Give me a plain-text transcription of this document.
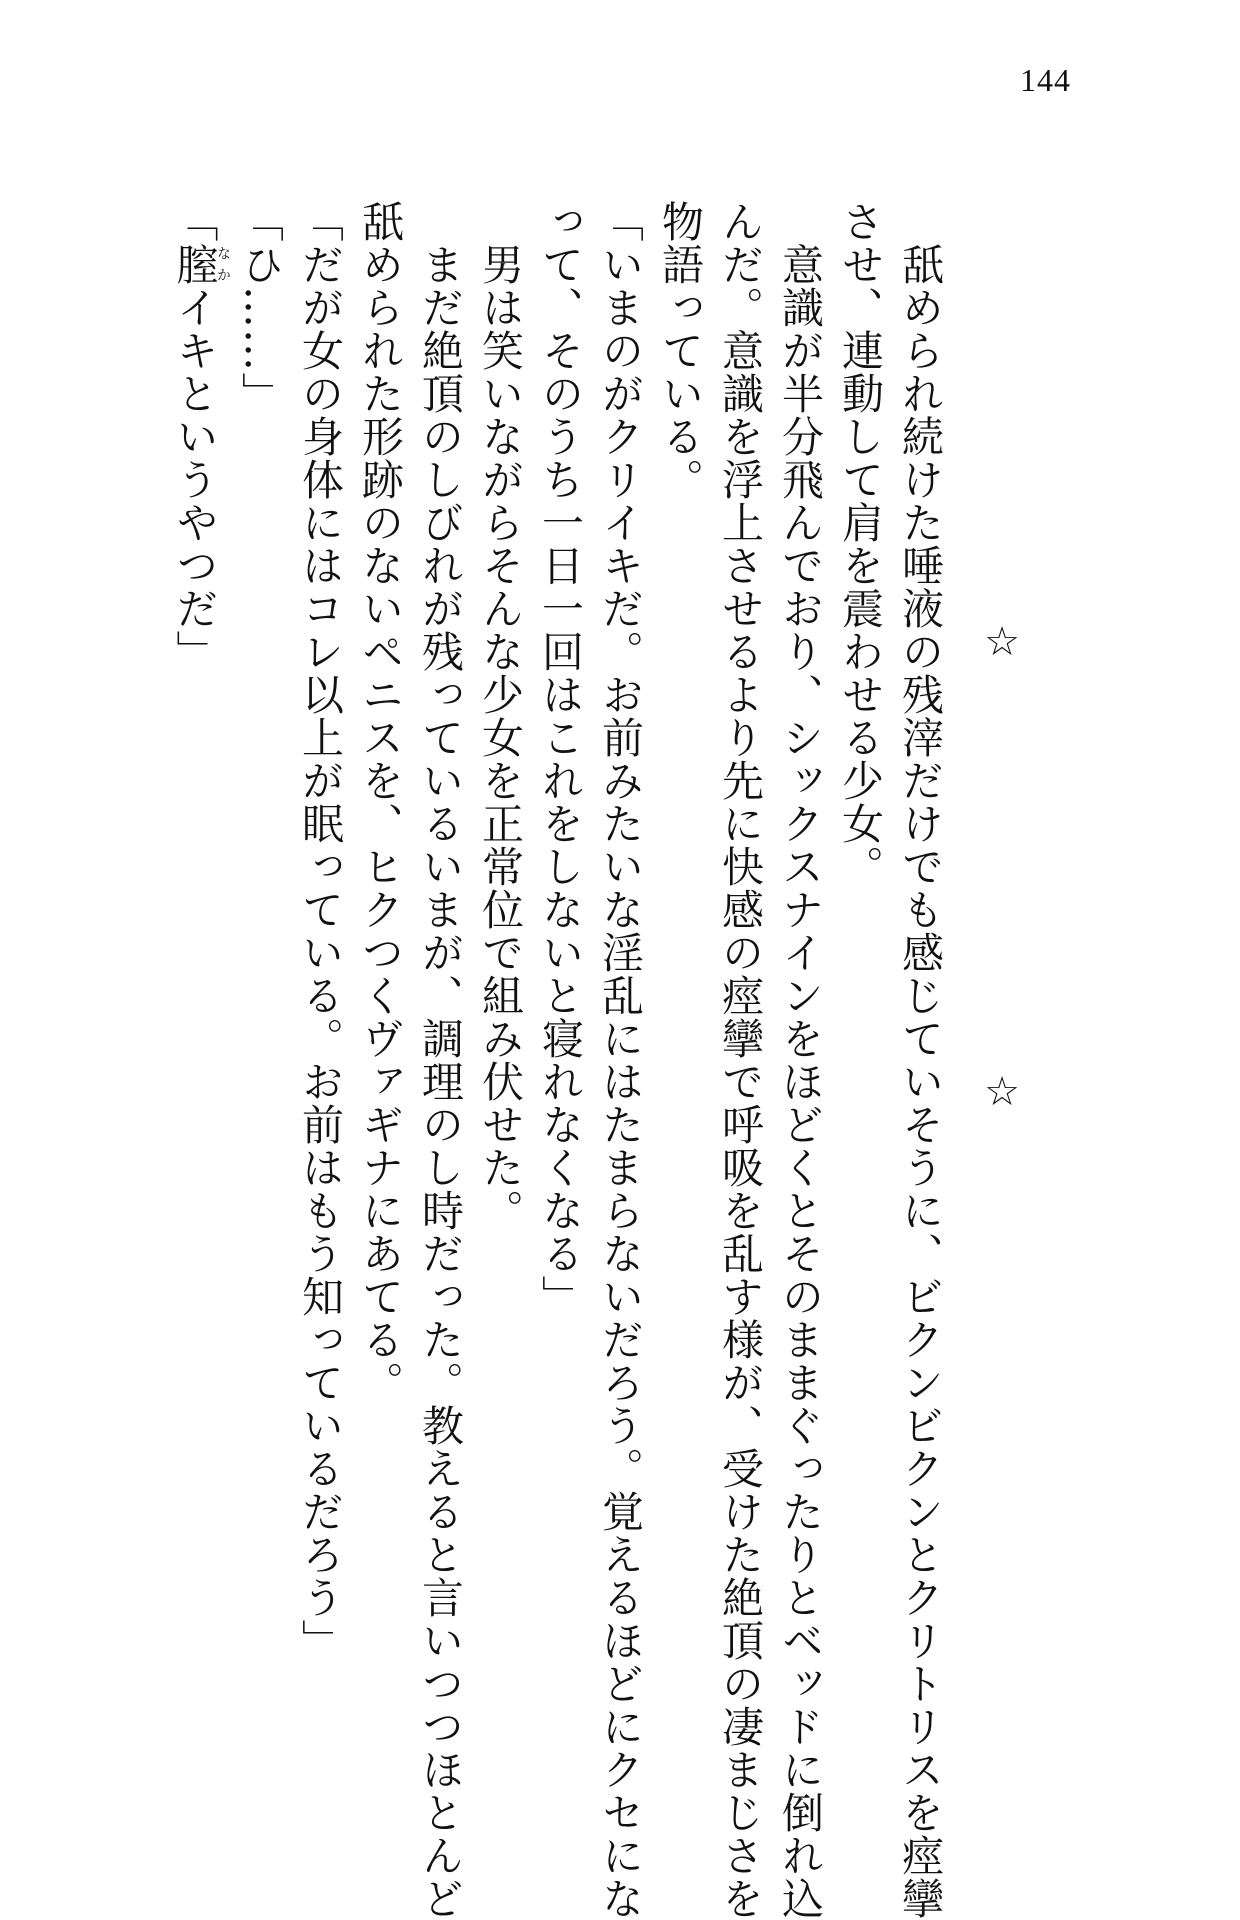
144
☆
☆
　舐められ続けた唾液の残滓だけでも感じていそうに、ビクンビクンとクリトリスを痙攣
させ、連動して肩を震わせる少女。
　意識が半分飛んでおり、シックスナインをほどくとそのままぐったりとベッドに倒れ込
んだ。意識を浮上させるより先に快感の痙攣で呼吸を乱す様が、受けた絶頂の凄まじさを
物語っている。
「いまのがクリイキだ。お前みたいな淫乱にはたまらないだろう。覚えるほどにクセにな
って、そのうち一日一回はこれをしないと寝れなくなる」
　男は笑いながらそんな少女を正常位で組み伏せた。
　まだ絶頂のしびれが残っているいまが、調理のし時だった。教えると言いつつほとんど
舐められた形跡のないペニスを、ヒクつくヴァギナにあてる。
「だが女の身体にはコレ以上が眠っている。お前はもう知っているだろう」
「ひ……」
「膣なかイキというやつだ」
